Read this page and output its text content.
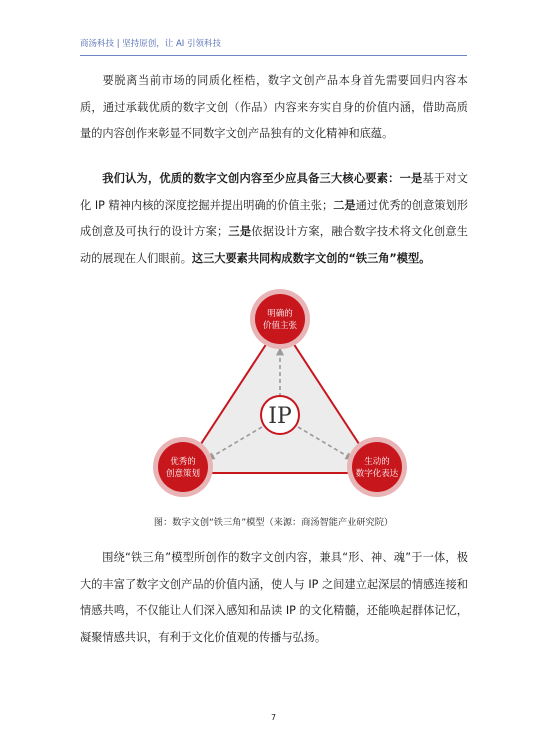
商汤科技 | 坚持原创，让 AI 引领科技

要脱离当前市场的同质化桎梏，数字文创产品本身首先需要回归内容本质，通过承载优质的数字文创（作品）内容来夯实自身的价值内涵，借助高质量的内容创作来彰显不同数字文创产品独有的文化精神和底蕴。

我们认为，优质的数字文创内容至少应具备三大核心要素：一是基于对文化 IP 精神内核的深度挖掘并提出明确的价值主张；二是通过优秀的创意策划形成创意及可执行的设计方案；三是依据设计方案，融合数字技术将文化创意生动的展现在人们眼前。这三大要素共同构成数字文创的“铁三角”模型。

IP
明确的
价值主张
优秀的
创意策划
生动的
数字化表达
图：数字文创“铁三角”模型（来源：商汤智能产业研究院）

围绕“铁三角”模型所创作的数字文创内容，兼具“形、神、魂”于一体，极大的丰富了数字文创产品的价值内涵，使人与 IP 之间建立起深层的情感连接和情感共鸣，不仅能让人们深入感知和品读 IP 的文化精髓，还能唤起群体记忆，凝聚情感共识，有利于文化价值观的传播与弘扬。

7
